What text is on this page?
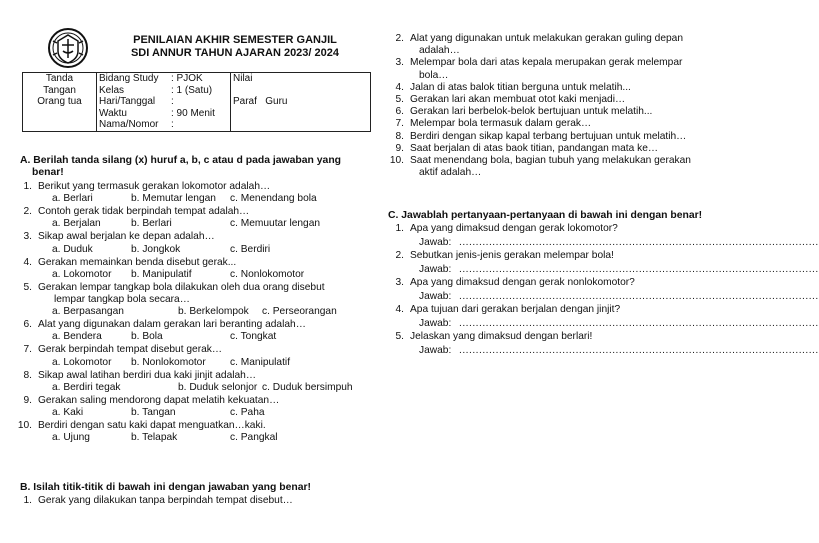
PENILAIAN AKHIR SEMESTER GANJIL
SDI ANNUR TAHUN AJARAN 2023/ 2024
Tanda
Tangan
Orang tua

Bidang Study	: PJOK
Kelas	: 1 (Satu)
Hari/Tanggal	:
Waktu	: 90 Menit
Nama/Nomor	:

Nilai
Paraf   Guru
A. Berilah tanda silang (x) huruf a, b, c atau d pada jawaban yang
benar!
1. Berikut yang termasuk gerakan lokomotor adalah…
a. Berlari	b. Memutar lengan c. Menendang bola
2. Contoh gerak tidak berpindah tempat adalah…
a. Berjalan	b. Berlari	c. Memuutar lengan
3. Sikap awal berjalan ke depan adalah…
a. Duduk	b. Jongkok	c. Berdiri
4. Gerakan memainkan benda disebut gerak...
a. Lokomotor b. Manipulatif	c. Nonlokomotor
5. Gerakan lempar tangkap bola dilakukan oleh dua orang disebut
lempar tangkap bola secara…
a. Berpasangan	b. Berkelompok c. Perseorangan
6. Alat yang digunakan dalam gerakan lari beranting adalah…
a. Bendera	b. Bola	c. Tongkat
7. Gerak berpindah tempat disebut gerak…
a. Lokomotor b. Nonlokomotor c. Manipulatif
8. Sikap awal latihan berdiri dua kaki jinjit adalah…
a. Berdiri tegak	b. Duduk selonjor c. Duduk bersimpuh
9. Gerakan saling mendorong dapat melatih kekuatan…
a. Kaki	b. Tangan	c. Paha
10. Berdiri dengan satu kaki dapat menguatkan…kaki.
a. Ujung	b. Telapak	c. Pangkal
B. Isilah titik-titik di bawah ini dengan jawaban yang benar!
1. Gerak yang dilakukan tanpa berpindah tempat disebut…
2. Alat yang digunakan untuk melakukan gerakan guling depan
adalah…
3. Melempar bola dari atas kepala merupakan gerak melempar
bola…
4. Jalan di atas balok titian berguna untuk melatih...
5. Gerakan lari akan membuat otot kaki menjadi…
6. Gerakan lari berbelok-belok bertujuan untuk melatih...
7. Melempar bola termasuk dalam gerak…
8. Berdiri dengan sikap kapal terbang bertujuan untuk melatih…
9. Saat berjalan di atas baok titian, pandangan mata ke…
10. Saat menendang bola, bagian tubuh yang melakukan gerakan
aktif adalah…
C. Jawablah pertanyaan-pertanyaan di bawah ini dengan benar!
1. Apa yang dimaksud dengan gerak lokomotor?
Jawab: ............................................................................................................
2. Sebutkan jenis-jenis gerakan melempar bola!
Jawab: ............................................................................................................
3. Apa yang dimaksud dengan gerak nonlokomotor?
Jawab: ............................................................................................................
4. Apa tujuan dari gerakan berjalan dengan jinjit?
Jawab: ............................................................................................................
5. Jelaskan yang dimaksud dengan berlari!
Jawab: ............................................................................................................
